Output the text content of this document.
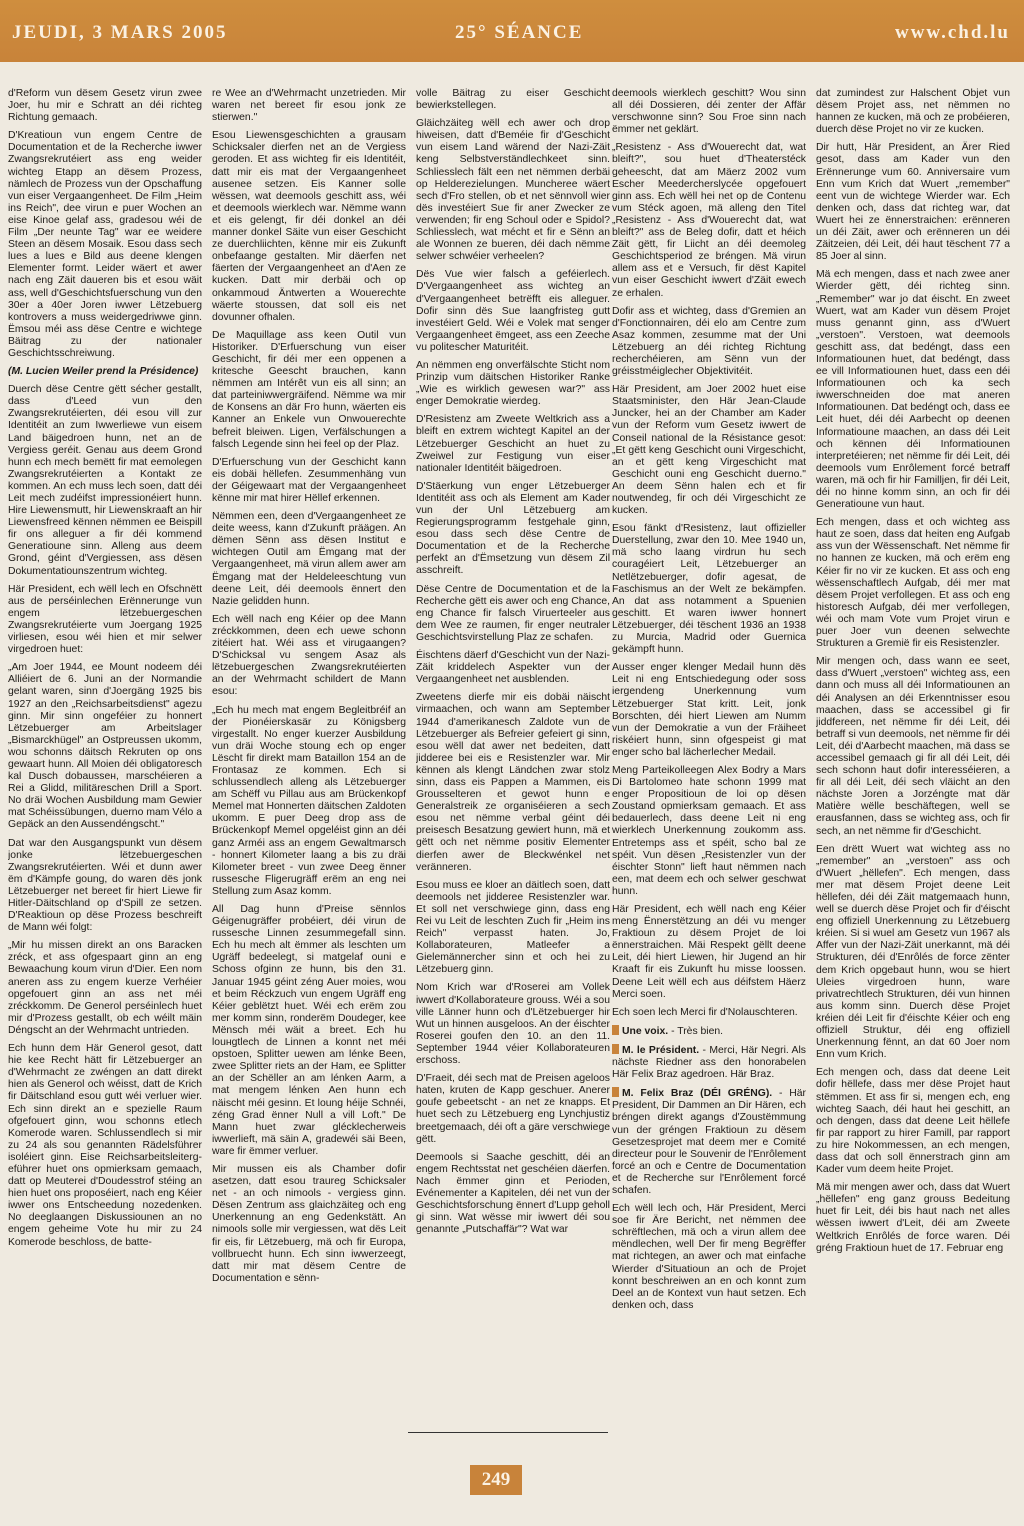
JEUDI, 3 MARS 2005	25° SÉANCE	www.chd.lu

d'Reform vun dësem Gesetz virun zwee Joer, hu mir e Schratt an déi richteg Richtung gemaach.

D'Kreatioun vun engem Centre de Documentation et de la Recherche iwwer Zwangsrekrutéiert ass eng weider wichteg Etapp an dësem Prozess, nämlech de Prozess vun der Opschaffung vun eiser Vergaangenheet. De Film „Heim ins Reich", dee virun e puer Wochen an eise Kinoe gelaf ass, gradesou wéi de Film „Der neunte Tag" war ee weidere Steen an dësem Mosaik. Esou dass sech lues a lues e Bild aus deene klengen Elementer formt. Leider wäert et awer nach eng Zäit daueren bis et esou wäit ass, well d'Geschichtsfuerschung vun den 30er a 40er Joren iwwer Lëtzebuerg kontrovers a muss weidergedriwwe ginn. Ëmsou méi ass dëse Centre e wichtege Bäitrag zu der nationaler Geschichtsschreiwung.

(M. Lucien Weiler prend la Présidence)

Duerch dëse Centre gëtt sécher gestallt, dass d'Leed vun den Zwangsrekrutéierten, déi esou vill zur Identitéit an zum Iwwerliewe vun eisem Land bäigedroen hunn, net an de Vergiess geréit. Genau aus deem Grond hunn ech mech bemëtt fir mat eemolegen Zwangsrekrutéierten a Kontakt ze kommen. An ech muss lech soen, datt déi Leit mech zudéifst impressionéiert hunn. Hire Liewensmutt, hir Liewenskraaft an hir Liewensfreed kënnen nëmmen ee Beispill fir ons alleguer a fir déi kommend Generatioune sinn. Alleng aus deem Grond, géint d'Vergiessen, ass dësen Dokumentatiounszentrum wichteg.

Här President, ech wëll lech en Ofschnëtt aus de perséinlechen Erënnerunge vun engem lëtzebuergeschen Zwangsrekrutéierte vum Joergang 1925 virliesen, esou wéi hien et mir selwer virgedroen huet:

„Am Joer 1944, ee Mount nodeem déi Alliéiert de 6. Juni an der Normandie gelant waren, sinn d'Joergäng 1925 bis 1927 an den „Reichsarbeitsdienst" agezu ginn. Mir sinn ongeféier zu honnert Lëtzebuerger am Arbeitslager „Bismarckhügel" an Ostpreussen ukomm, wou schonns däitsch Rekruten op ons gewaart hunn. All Moien déi obligatoresch kal Dusch dobausseн, marschéieren a Rei a Glidd, militäreschen Drill a Sport. No dräi Wochen Ausbildung mam Gewier mat Schéissübungen, duerno mam Vélo a Gepäck an den Aussendéngscht."

Dat war den Ausgangspunkt vun dësem jonke lëtzebuergeschen Zwangsrekrutéierten. Wéi et dunn awer ëm d'Kämpfe goung, do waren dës jonk Lëtzebuerger net bereet fir hiert Liewe fir Hitler-Däitschland op d'Spill ze setzen. D'Reaktioun op dëse Prozess beschreift de Mann wéi folgt:

„Mir hu missen direkt an ons Baracken zréck, et ass ofgespaart ginn an eng Bewaachung koum virun d'Dier. Een nom aneren ass zu engem kuerze Verhéier opgefouert ginn an ass net méi zréckkomm. De Generol perséinlech huet mir d'Prozess gestallt, ob ech wéilt mäin Déngscht an der Wehrmacht untrieden.

Ech hunn dem Här Generol gesot, datt hie kee Recht hätt fir Lëtzebuerger an d'Wehrmacht ze zwéngen an datt direkt hien als Generol och wéisst, datt de Krich fir Däitschland esou gutt wéi verluer wier. Ech sinn direkt an e speziellе Raum ofgefouert ginn, wou schonns etlech Komerode waren. Schlussendlech si mir zu 24 als sou genannten Rädelsführer isoléiert ginn. Eise Reichsarbeitsleitergeführer huet ons opmierksam gemaach, datt op Meuterei d'Doudesstrof stéing an hien huet ons proposéiert, nach eng Kéier iwwer ons Entscheedung nozedenken. No deeglaangen Diskussiounen an no engem geheime Vote hu mir zu 24 Komerode beschloss, de batte-

re Wee an d'Wehrmacht unzetrieden. Mir waren net bereet fir esou jonk ze stierwen."

Esou Liewensgeschichten a grausam Schicksaler dierfen net an de Vergiess geroden. Et ass wichteg fir eis Identitéit, datt mir eis mat der Vergaangenheet auseneе setzen. Eis Kanner solle wëssen, wat deemools geschitt ass, wéi et deemools wierklech war. Nëmme wann et eis gelengt, fir déi donkel an déi manner donkel Säite vun eiser Geschicht ze duerchliichten, kënne mir eis Zukunft onbefaange gestalten. Mir däerfen net fäerten der Vergaangenheet an d'Aen ze kucken. Datt mir derbäi och op onkammoud Äntwerten a Wouerechte wäerte stoussen, dat soll eis net dovunner ofhalen.

De Maquillage ass keen Outil vun Historiker. D'Erfuerschung vun eiser Geschicht, fir déi mer een oppenen a kritesche Geescht brauchen, kann nëmmen am Intérêt vun eis all sinn; an dat parteiniwwergräifend. Nëmme wa mir de Konsens an där Fro hunn, wäerten eis Kanner an Enkele vun Onwouerechte befreit bleiwen. Ligen, Verfälschungen a falsch Legende sinn hei feel op der Plaz.

D'Erfuerschung vun der Geschicht kann eis dobäi hëllefen. Zesummenhäng vun der Géigewaart mat der Vergaangenheet kënne mir mat hirer Hëllef erkennen.

Nëmmen een, deen d'Vergaangenheet ze deite weess, kann d'Zukunft präägen. An dëmen Sënn ass dësen Institut e wichtegen Outil am Ëmgang mat der Vergaangenheet, mä virun allem awer am Ëmgang mat der Heldeleeschtung vun deene Leit, déi deemools ënnert den Nazie gelidden hunn.

Ech wëll nach eng Kéier op dee Mann zréckkommen, deen ech uewe schonn zitéiert hat. Wéi ass et virugaangen? D'Schicksal vu sengem Asaz als lëtzebuergeschen Zwangsrekrutéierten an der Wehrmacht schildert de Mann esou:

„Ech hu mech mat engem Begleitbréif an der Pionéierskasär zu Königsberg virgestallt. No enger kuerzer Ausbildung vun dräi Woche stoung ech op enger Lëscht fir direkt mam Bataillon 154 an de Frontasaz ze kommen. Ech si schlussendlech alleng als Lëtzebuerger am Schëff vu Pillau aus am Brückenkopf Memel mat Honnerten däitschen Zaldoten ukomm. E puer Deeg drop ass de Brückenkopf Memel opgeléist ginn an déi ganz Arméi ass an engem Gewaltmarsch - honnert Kilometer laang a bis zu dräi Kilometer breet - vun zwee Deeg ënner russesche Fligerugräff erëm an eng nei Stellung zum Asaz komm.

All Dag hunn d'Preise sënnlos Géigenugräffer probéiert, déi virun de russesche Linnen zesummegefall sinn. Ech hu mech alt ëmmer als leschten um Ugräff bedeelegt, si matgelaf ouni e Schoss ofginn ze hunn, bis den 31. Januar 1945 géint zéng Auer moies, wou et beim Réckzuch vun engem Ugräff eng Kéier geblëtzt huet. Wéi ech erëm zou mer komm sinn, ronderëm Doudeger, kee Mënsch méi wäit a breet. Ech hu louнgtlech de Linnen a konnt net méi opstoen, Splitter uewen am lénke Been, zwee Splitter riets an der Ham, ee Splitter an der Schëller an am lénken Aarm, a mat mengem lénken Aen hunn ech näischt méi gesinn. Et loung héije Schnéi, zéng Grad ënner Null a vill Loft." De Mann huet zwar glécklecherweis iwwerlieft, mä säin A, gradewéi säi Been, ware fir ëmmer verluer.

Mir mussen eis als Chamber dofir asetzen, datt esou traureg Schicksaler net - an och nimools - vergiess ginn. Dësen Zentrum ass glaichzäiteg och eng Unerkennung an eng Gedenkstätt. An nimools solle mir vergiessen, wat dës Leit fir eis, fir Lëtzebuerg, mä och fir Europa, vollbruecht hunn. Ech sinn iwwerzeegt, datt mir mat dësem Centre de Documentation e sënn-

volle Bäitrag zu eiser Geschicht bewierkstellegen.

Gläichzäiteg wëll ech awer och drop hiweisen, datt d'Beméie fir d'Geschicht vun eisem Land wärend der Nazi-Zäit keng Selbstverständlechkeet sinn. Schliesslech fält een net nëmmen derbäi op Helderezielungen. Muncheree wäert sech d'Fro stellen, ob et net sënnvoll wier dës investéiert Sue fir aner Zwecker ze verwenden; fir eng Schoul oder e Spidol? Schliesslech, wat mécht et fir e Sënn an ale Wonnen ze bueren, déi dach nëmme selwer schwéier verheelen?

Dës Vue wier falsch a geféierlech. D'Vergaangenheet ass wichteg an d'Vergaangenheet betrëfft eis alleguer. Dofir sinn dës Sue laangfristeg gutt investéiert Geld. Wéi e Volek mat senger Vergaangenheet ëmgeet, ass een Zeeche vu politescher Maturitéit.

An nëmmen eng onverfälschte Sticht nom Prinzip vum däitschen Historiker Ranke „Wie es wirklich gewesen war?" ass enger Demokratie wierdeg.

D'Resistenz am Zweete Weltkrich ass a bleift en extrem wichtegt Kapitel an der Lëtzebuerger Geschicht an huet zu Zweiwel zur Festigung vun eiser nationaler Identitéit bäigedroen.

D'Stäerkung vun enger Lëtzebuerger Identitéit ass och als Element am Kader vun der Unl Lëtzebuerg am Regierungsprogramm festgehale ginn, esou dass sech dëse Centre de Documentation et de la Recherche perfekt an d'Ëmsetzung vun dësem Zil asschreift.

Dëse Centre de Documentation et de la Recherche gëtt eis awer och eng Chance, eng Chance fir falsch Viruerteeler aus dem Wee ze raumen, fir enger neutraler Geschichtsvirstellung Plaz ze schafen.

Éischtens däerf d'Geschicht vun der Nazi-Zäit kriddelech Aspekter vun der Vergaangenheet net ausblenden.

Zweetens dierfe mir eis dobäi näischt virmaachen, och wann am September 1944 d'amerikanesch Zaldote vun de Lëtzebuerger als Befreier gefeiert gi sinn, esou wëll dat awer net bedeiten, datt jiddereе bei eis e Resistenzler war. Mir kënnen als klengt Ländchen zwar stolz sinn, dass eis Pappen a Mammen, eis Grousselteren et gewot hunn e Generalstreik ze organiséieren a sech esou net nëmme verbal géint déi preisesch Besatzung gewiert hunn, mä et gëtt och net nëmme positiv Elementer dierfen awer de Bleckwénkel net veränneren.

Esou muss ee kloer an däitlech soen, datt deemools net jiddereе Resistenzler war. Et soll net verschwiege ginn, dass eng Rei vu Leit de leschten Zuch fir „Heim ins Reich" verpasst haten. Jo, Kollaborateuren, Matleefer a Gielemännercher sinn et och hei zu Lëtzebuerg ginn.

Nom Krich war d'Roserei am Vollek iwwert d'Kollaborateure grouss. Wéi a sou ville Länner hunn och d'Lëtzebuerger hir Wut un hinnen ausgeloos. An der éischter Rosereі goufen den 10. an den 11. September 1944 véier Kollaborateuren erschoss.

D'Fraeit, déi sech mat de Preisen ageloos haten, kruten de Kapp geschuer. Anerer goufe gebeetscht - an net ze knapps. Et huet sech zu Lëtzebuerg eng Lynchjustiz breetgemaach, déi oft a gäre verschwiege gëtt.

Deemools si Saache geschitt, déi an engem Rechtsstat net geschéien däerfen. Nach ëmmer ginn et Perioden, Evénementer a Kapitelen, déi net vun der Geschichtsforschung ënnert d'Lupp geholl gi sinn. Wat wësse mir iwwert déi sou genannte „Putschaffär"? Wat war

deemools wierklech geschitt? Wou sinn all déi Dossieren, déi zenter der Affär verschwonne sinn? Sou Froe sinn nach ëmmer net geklärt.

„Resistenz - Ass d'Wouerecht dat, wat bleift?", sou huet d'Theaterstéck geheescht, dat am Mäerz 2002 vum Escher Meedercherslycée opgefouert ginn ass. Ech wëll hei net op de Contenu vum Stéck agoen, mä alleng den Titel „Resistenz - Ass d'Wouerecht dat, wat bleift?" ass de Beleg dofir, datt et héich Zäit gëtt, fir Liicht an déi deemoleg Geschichtsperiod ze bréngen. Mä virun allem ass et e Versuch, fir dëst Kapitel vun eiser Geschicht iwwert d'Zäit ewech ze erhalen.

Dofir ass et wichteg, dass d'Gremien an d'Fonctionnairen, déi elo am Centre zum Asaz kommen, zesumme mat der Uni Lëtzebuerg an déi richteg Richtung recherchéieren, am Sënn vun der gréisstméiglecher Objektivitéit.

Här President, am Joer 2002 huet eise Staatsminister, den Här Jean-Claude Juncker, hei an der Chamber am Kader vun der Reform vum Gesetz iwwert de Conseil national de la Résistance gesot: „Et gëtt keng Geschicht ouni Virgeschicht, an et gëtt keng Virgeschicht mat Geschicht ouni eng Geschicht duerno." An deem Sënn halen ech et fir noutwendeg, fir och déi Virgeschicht ze kucken.

Esou fänkt d'Resistenz, laut offizieller Duerstellung, zwar den 10. Mee 1940 un, mä scho laang virdrun hu sech couragéiert Leit, Lëtzebuerger an Netlëtzebuerger, dofir agesat, de Faschismus an der Welt ze bekämpfen. An dat ass notamment a Spuenien geschitt. Et waren iwwer honnert Lëtzebuerger, déi tëschent 1936 an 1938 zu Murcia, Madrid oder Guernica gekämpft hunn.

Ausser enger klenger Medail hunn dës Leit ni eng Entschiedegung oder soss iergendeng Unerkennung vum Lëtzebuerger Stat kritt. Leit, jonk Borschten, déi hiert Liewen am Numm vun der Demokratie a vun der Fräiheet riskéiert hunn, sinn ofgespeist gi mat enger scho bal lächerlecher Medail.

Meng Parteikolleegen Alex Bodry a Mars Di Bartolomeo hate schonn 1999 mat enger Propositioun de loi op dësen Zoustand opmierksam gemaach. Et ass bedauerlech, dass deene Leit ni eng wierklech Unerkennung zoukomm ass. Entretemps ass et spéit, scho bal ze spéit. Vun dësen „Resistenzler vun der éischter Stonn" lieft haut nëmmen nach een, mat deem ech och selwer geschwat hunn.

Här President, ech wëll nach eng Kéier meng Ënnerstëtzung an déi vu menger Fraktioun zu dësem Projet de loi ënnerstraichen. Mäi Respekt gëllt deene Leit, déi hiert Liewen, hir Jugend an hir Kraaft fir eis Zukunft hu misse loossen. Deene Leit wëll ech aus déifstem Häerz Merci soen.

Ech soen lech Merci fir d'Nolauschteren.

Une voix. - Très bien.

M. le Président. - Merci, Här Negri. Als nächste Riedner ass den honorabelen Här Felix Braz agedroen. Här Braz.

M. Felix Braz (DÉI GRÉNG). - Här President, Dir Dammen an Dir Hären, ech bréngen direkt agangs d'Zoustëmmung vun der gréngen Fraktioun zu dësem Gesetzesprojet mat deem mer e Comité directeur pour le Souvenir de l'Enrôlement forcé an och e Centre de Documentation et de Recherche sur l'Enrôlement forcé schafen.

Ech wëll lech och, Här President, Merci soe fir Äre Bericht, net nëmmen dee schrëftlechen, mä och a virun allem dee mëndlechen, well Der fir meng Begrëffer mat richtegen, an awer och mat einfache Wierder d'Situatioun an och de Projet konnt beschreiwen an en och konnt zum Deel an de Kontext vun haut setzen. Ech denken och, dass

dat zumindest zur Halschent Objet vun dësem Projet ass, net nëmmen no hannen ze kucken, mä och ze probéieren, duerch dëse Projet no vir ze kucken.

Dir hutt, Här President, an Ärer Ried gesot, dass am Kader vun den Erënnerunge vum 60. Anniversaire vum Enn vum Krich dat Wuert „remember" eent vun de wichtege Wierder war. Ech denken och, dass dat richteg war, dat Wuert hei ze ënnerstraichen: erënneren un déi Zäit, awer och erënneren un déi Zäitzeien, déi Leit, déi haut tëschent 77 a 85 Joer al sinn.

Mä ech mengen, dass et nach zwee aner Wierder gëtt, déi richteg sinn. „Remember" war jo dat éischt. En zweet Wuert, wat am Kader vun dësem Projet muss genannt ginn, ass d'Wuert „verstoen". Verstoen, wat deemools geschitt ass, dat bedéngt, dass een Informatiounen huet, dat bedéngt, dass ee vill Informatiounen huet, dass een déi Informatiounen och ka sech iwwerschneiden doe mat aneren Informatiounen. Dat bedéngt och, dass ee Leit huet, déi déi Aarbecht op deenen Informatioune maachen, an dass déi Leit och kënnen déi Informatiounen interpretéieren; net nëmme fir déi Leit, déi deemools vum Enrôlement forcé betraff waren, mä och fir hir Familljen, fir déi Leit, déi no hinne komm sinn, an och fir déi Generatioune vun haut.

Ech mengen, dass et och wichteg ass haut ze soen, dass dat heiten eng Aufgab ass vun der Wëssenschaft. Net nëmme fir no hannen ze kucken, mä och erëm eng Kéier fir no vir ze kucken. Et ass och eng wëssenschaftlech Aufgab, déi mer mat dësem Projet verfollegen. Et ass och eng historesch Aufgab, déi mer verfollegen, wéi och mam Vote vum Projet virun e puer Joer vun deenen selwechte Strukturen a Gremië fir eis Resistenzler.

Mir mengen och, dass wann ee seet, dass d'Wuert „verstoen" wichteg ass, een dann och muss all déi Informatiounen an déi Analysen an déi Erkenntnisser esou maachen, dass se accessibel gi fir jiddfereen, net nëmme fir déi Leit, déi betraff si vun deemools, net nëmme fir déi Leit, déi d'Aarbecht maachen, mä dass se accessibel gemaach gi fir all déi Leit, déi sech schonn haut dofir interesséieren, a fir all déi Leit, déi sech vläicht an den nächste Joren a Jorzéngte mat där Matière wëlle beschäftegen, well se erausfannen, dass se wichteg ass, och fir sech, an net nëmme fir d'Geschicht.

Een drëtt Wuert wat wichteg ass no „remember" an „verstoen" ass och d'Wuert „hëllefen". Ech mengen, dass mer mat dësem Projet deene Leit hëllefen, déi déi Zäit matgemaach hunn, well se duerch dëse Projet och fir d'éischt eng offiziell Unerkennung zu Lëtzebuerg kréien. Si si wuel am Gesetz vun 1967 als Affer vun der Nazi-Zäit unerkannt, mä déi Strukturen, déi d'Enrôlés de force zënter dem Krich opgebaut hunn, wou se hiert Uleies virgedroen hunn, ware privatrechtlech Strukturen, déi vun hinnen aus komm sinn. Duerch dëse Projet kréien déi Leit fir d'éischte Kéier och eng offiziell Struktur, déi eng offiziell Unerkennung fënnt, an dat 60 Joer nom Enn vum Krich.

Ech mengen och, dass dat deene Leit dofir hëllefe, dass mer dëse Projet haut stëmmen. Et ass fir si, mengen ech, eng wichteg Saach, déi haut hei geschitt, an och dengen, dass dat deene Leit hëllefe fir par rapport zu hirer Famill, par rapport zu hire Nokommessen, an ech mengen, dass dat och soll ënnerstrach ginn am Kader vum deem heite Projet.

Mä mir mengen awer och, dass dat Wuert „hëllefen" eng ganz grouss Bedeitung huet fir Leit, déi bis haut nach net alles wëssen iwwert d'Leit, déi am Zweete Weltkrich Enrôlés de force waren. Déi gréng Fraktioun huet de 17. Februar eng

249
